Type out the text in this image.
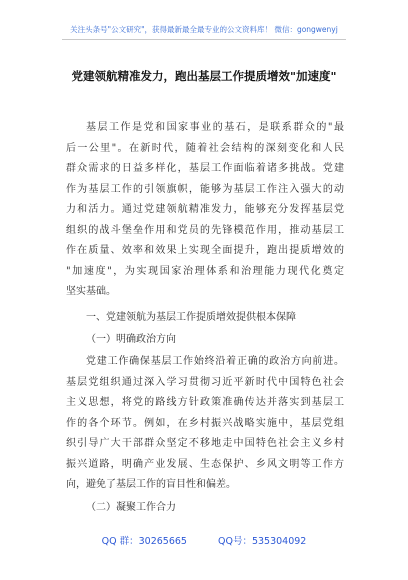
关注头条号"公文研究"，获得最新最全最专业的公文资料库！ 微信：gongwenyj
党建领航精准发力，跑出基层工作提质增效"加速度"
基层工作是党和国家事业的基石，是联系群众的"最
后一公里"。在新时代，随着社会结构的深刻变化和人民
群众需求的日益多样化，基层工作面临着诸多挑战。党建
作为基层工作的引领旗帜，能够为基层工作注入强大的动
力和活力。通过党建领航精准发力，能够充分发挥基层党
组织的战斗堡垒作用和党员的先锋模范作用，推动基层工
作在质量、效率和效果上实现全面提升，跑出提质增效的
"加速度"，为实现国家治理体系和治理能力现代化奠定
坚实基础。
一、党建领航为基层工作提质增效提供根本保障
（一）明确政治方向
党建工作确保基层工作始终沿着正确的政治方向前进。
基层党组织通过深入学习贯彻习近平新时代中国特色社会
主义思想，将党的路线方针政策准确传达并落实到基层工
作的各个环节。例如，在乡村振兴战略实施中，基层党组
织引导广大干部群众坚定不移地走中国特色社会主义乡村
振兴道路，明确产业发展、生态保护、乡风文明等工作方
向，避免了基层工作的盲目性和偏差。
（二）凝聚工作合力
QQ 群：30265665	QQ号：535304092
